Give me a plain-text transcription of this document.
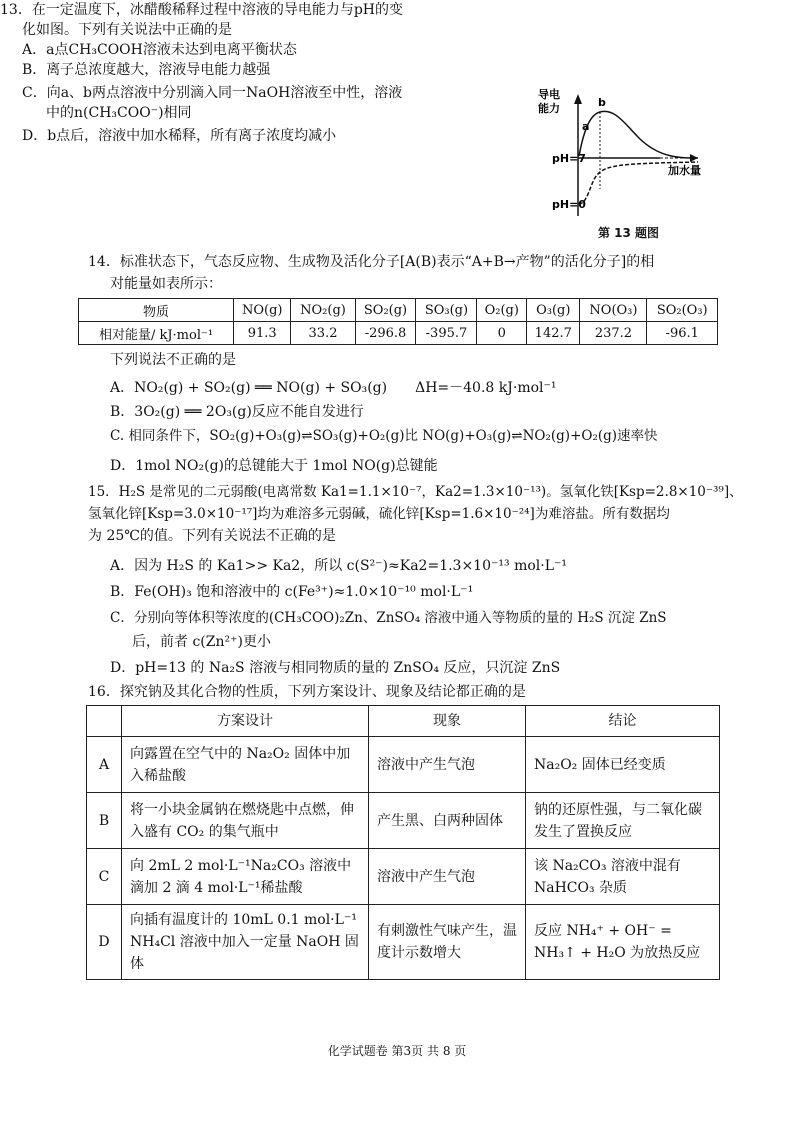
13．在一定温度下，冰醋酸稀释过程中溶液的导电能力与pH的变
化如图。下列有关说法中正确的是
A．a点CH₃COOH溶液未达到电离平衡状态
B．离子总浓度越大，溶液导电能力越强
C．向a、b两点溶液中分别滴入同一NaOH溶液至中性，溶液
中的n(CH₃COO⁻)相同
D．b点后，溶液中加水稀释，所有离子浓度均减小
导电
能力
pH=7
pH=0
加水量
a
b
第 13 题图
14．标准状态下，气态反应物、生成物及活化分子[A(B)表示“A+B→产物”的活化分子]的相
对能量如表所示：
物质	NO(g)	NO₂(g)	SO₂(g)	SO₃(g)	O₂(g)	O₃(g)	NO(O₃)	SO₂(O₃)
相对能量/ kJ·mol⁻¹	91.3	33.2	-296.8	-395.7	0	142.7	237.2	-96.1
下列说法不正确的是
A．NO₂(g) + SO₂(g) ══ NO(g) + SO₃(g)　　ΔH=－40.8 kJ·mol⁻¹
B．3O₂(g) ══ 2O₃(g)反应不能自发进行
C. 相同条件下，SO₂(g)+O₃(g)⇌SO₃(g)+O₂(g)比 NO(g)+O₃(g)⇌NO₂(g)+O₂(g)速率快
D．1mol NO₂(g)的总键能大于 1mol NO(g)总键能
15．H₂S 是常见的二元弱酸(电离常数 Ka1=1.1×10⁻⁷，Ka2=1.3×10⁻¹³)。氢氧化铁[Ksp=2.8×10⁻³⁹]、
氢氧化锌[Ksp=3.0×10⁻¹⁷]均为难溶多元弱碱，硫化锌[Ksp=1.6×10⁻²⁴]为难溶盐。所有数据均
为 25℃的值。下列有关说法不正确的是
A．因为 H₂S 的 Ka1>> Ka2，所以 c(S²⁻)≈Ka2=1.3×10⁻¹³ mol·L⁻¹
B．Fe(OH)₃ 饱和溶液中的 c(Fe³⁺)≈1.0×10⁻¹⁰ mol·L⁻¹
C．分别向等体积等浓度的(CH₃COO)₂Zn、ZnSO₄ 溶液中通入等物质的量的 H₂S 沉淀 ZnS
后，前者 c(Zn²⁺)更小
D．pH=13 的 Na₂S 溶液与相同物质的量的 ZnSO₄ 反应，只沉淀 ZnS
16．探究钠及其化合物的性质，下列方案设计、现象及结论都正确的是
	方案设计	现象	结论
A	向露置在空气中的 Na₂O₂ 固体中加入稀盐酸	溶液中产生气泡	Na₂O₂ 固体已经变质
B	将一小块金属钠在燃烧匙中点燃，伸入盛有 CO₂ 的集气瓶中	产生黑、白两种固体	钠的还原性强，与二氧化碳发生了置换反应
C	向 2mL 2 mol·L⁻¹Na₂CO₃ 溶液中滴加 2 滴 4 mol·L⁻¹稀盐酸	溶液中产生气泡	该 Na₂CO₃ 溶液中混有 NaHCO₃ 杂质
D	向插有温度计的 10mL 0.1 mol·L⁻¹ NH₄Cl 溶液中加入一定量 NaOH 固体	有刺激性气味产生，温度计示数增大	反应 NH₄⁺ + OH⁻ = NH₃↑ + H₂O 为放热反应
化学试题卷 第3页 共 8 页
